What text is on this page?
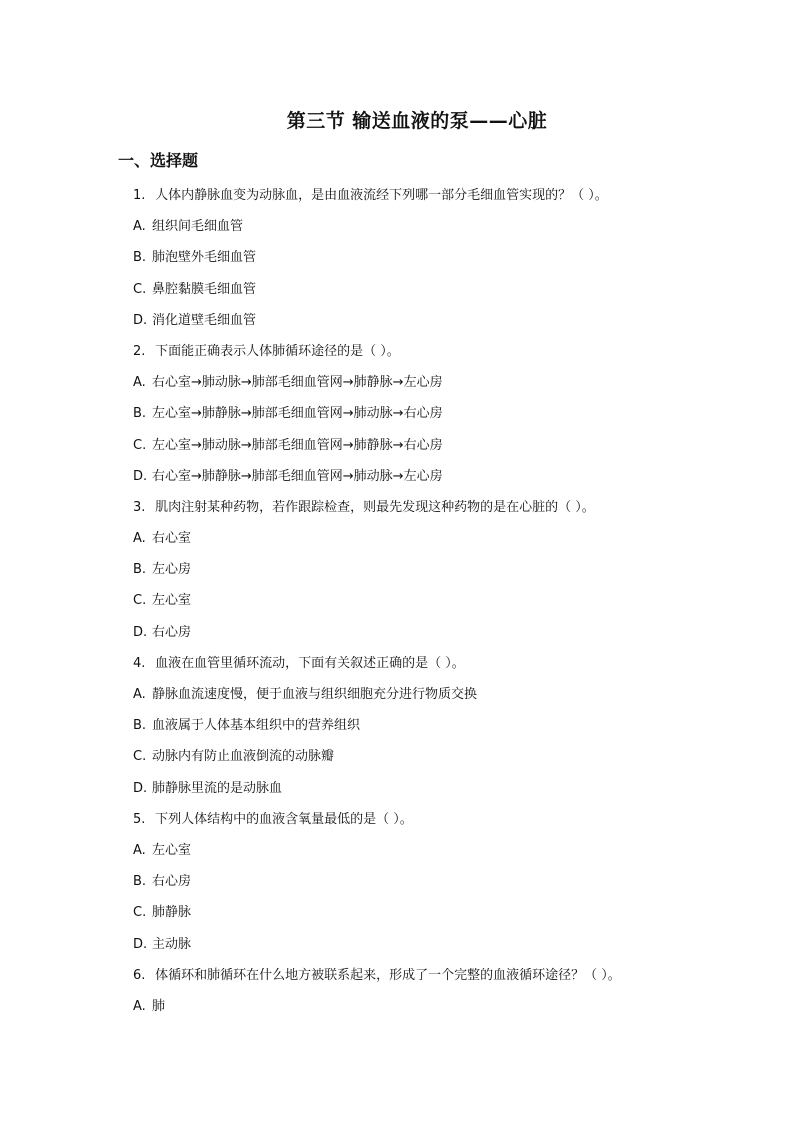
第三节 输送血液的泵——心脏
一、选择题
1. 人体内静脉血变为动脉血，是由血液流经下列哪一部分毛细血管实现的？（ ）。
A. 组织间毛细血管
B. 肺泡壁外毛细血管
C. 鼻腔黏膜毛细血管
D. 消化道壁毛细血管
2. 下面能正确表示人体肺循环途径的是（ ）。
A. 右心室→肺动脉→肺部毛细血管网→肺静脉→左心房
B. 左心室→肺静脉→肺部毛细血管网→肺动脉→右心房
C. 左心室→肺动脉→肺部毛细血管网→肺静脉→右心房
D. 右心室→肺静脉→肺部毛细血管网→肺动脉→左心房
3. 肌肉注射某种药物，若作跟踪检查，则最先发现这种药物的是在心脏的（ ）。
A. 右心室
B. 左心房
C. 左心室
D. 右心房
4. 血液在血管里循环流动，下面有关叙述正确的是（ ）。
A. 静脉血流速度慢，便于血液与组织细胞充分进行物质交换
B. 血液属于人体基本组织中的营养组织
C. 动脉内有防止血液倒流的动脉瓣
D. 肺静脉里流的是动脉血
5. 下列人体结构中的血液含氧量最低的是（ ）。
A. 左心室
B. 右心房
C. 肺静脉
D. 主动脉
6. 体循环和肺循环在什么地方被联系起来，形成了一个完整的血液循环途径？（ ）。
A. 肺
